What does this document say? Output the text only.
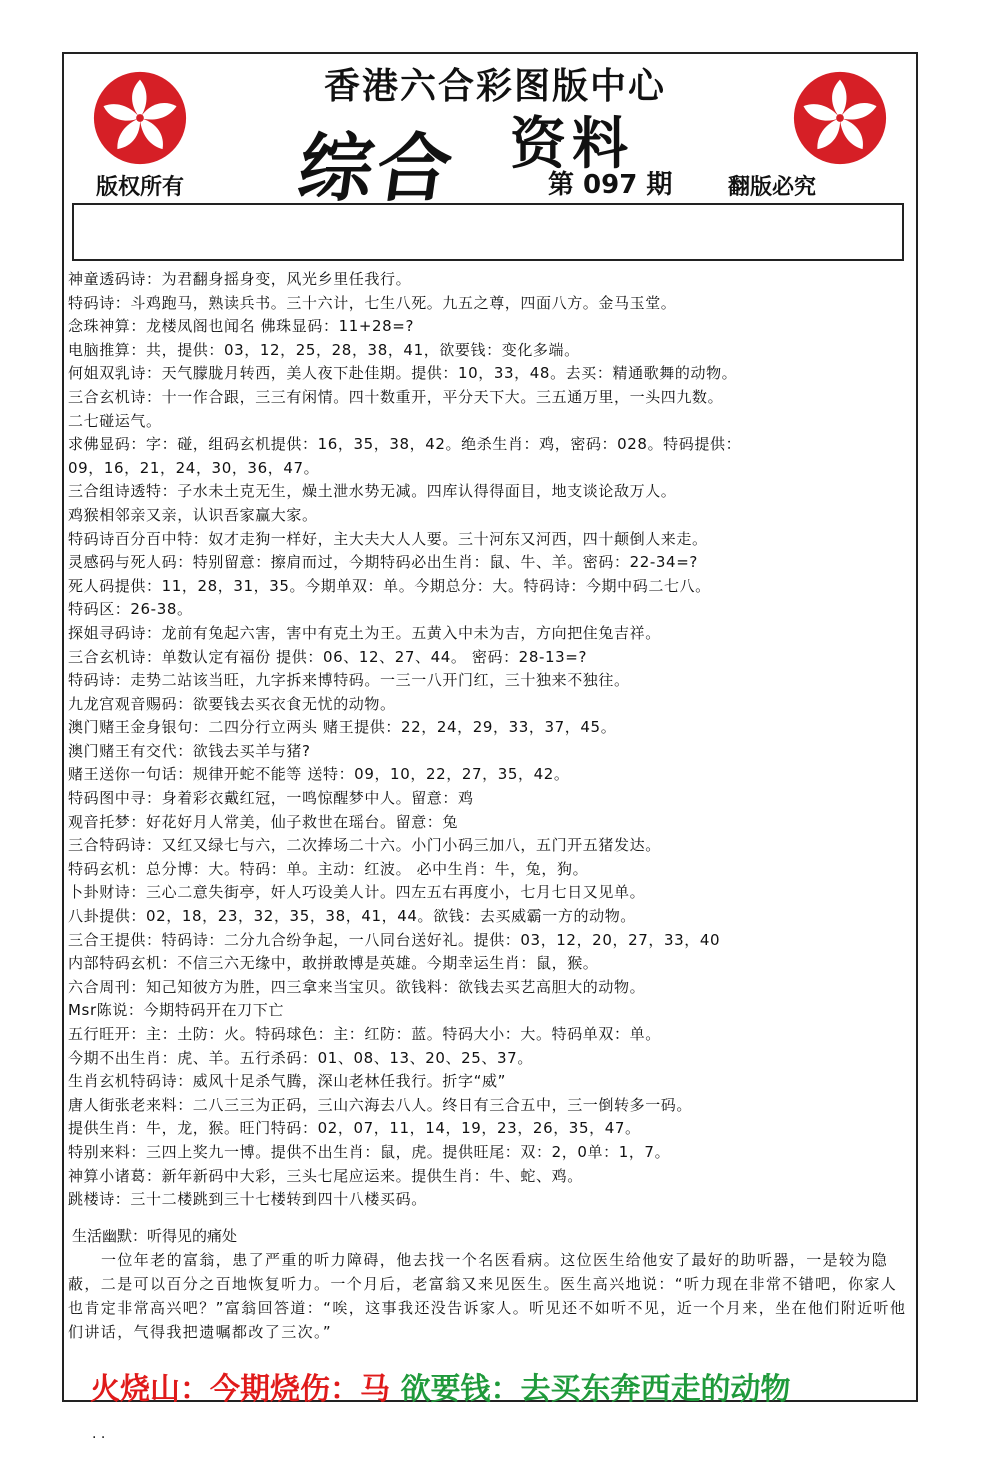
香港六合彩图版中心
综合 资料
第 097 期
版权所有	翻版必究
神童透码诗：为君翻身摇身变，风光乡里任我行。
特码诗：斗鸡跑马，熟读兵书。三十六计，七生八死。九五之尊，四面八方。金马玉堂。
念珠神算：龙楼凤阁也闻名 佛珠显码：11+28=?
电脑推算：共，提供：03，12，25，28，38，41，欲要钱：变化多端。
何姐双乳诗：天气朦胧月转西，美人夜下赴佳期。提供：10，33，48。去买：精通歌舞的动物。
三合玄机诗：十一作合跟，三三有闲情。四十数重开，平分天下大。三五通万里，一头四九数。
二七碰运气。
求佛显码：字：碰，组码玄机提供：16，35，38，42。绝杀生肖：鸡，密码：028。特码提供：
09，16，21，24，30，36，47。
三合组诗透特：子水未土克无生，燥土泄水势无减。四库认得得面目，地支谈论敌万人。
鸡猴相邻亲又亲，认识吾家赢大家。
特码诗百分百中特：奴才走狗一样好，主大夫大人人要。三十河东又河西，四十颠倒人来走。
灵感码与死人码：特别留意：擦肩而过，今期特码必出生肖：鼠、牛、羊。密码：22-34=?
死人码提供：11，28，31，35。今期单双：单。今期总分：大。特码诗：今期中码二七八。
特码区：26-38。
探姐寻码诗：龙前有兔起六害，害中有克土为王。五黄入中未为吉，方向把住兔吉祥。
三合玄机诗：单数认定有福份 提供：06、12、27、44。 密码：28-13=?
特码诗：走势二站该当旺，九字拆来博特码。一三一八开门红，三十独来不独往。
九龙宫观音赐码：欲要钱去买衣食无忧的动物。
澳门赌王金身银句：二四分行立两头 赌王提供：22，24，29，33，37，45。
澳门赌王有交代：欲钱去买羊与猪?
赌王送你一句话：规律开蛇不能等 送特：09，10，22，27，35，42。
特码图中寻：身着彩衣戴红冠，一鸣惊醒梦中人。留意：鸡
观音托梦：好花好月人常美，仙子救世在瑶台。留意：兔
三合特码诗：又红又绿七与六，二次捧场二十六。小门小码三加八，五门开五猪发达。
特码玄机：总分博：大。特码：单。主动：红波。 必中生肖：牛，兔，狗。
卜卦财诗：三心二意失街亭，奸人巧设美人计。四左五右再度小，七月七日又见单。
八卦提供：02，18，23，32，35，38，41，44。欲钱：去买威霸一方的动物。
三合王提供：特码诗：二分九合纷争起，一八同台送好礼。提供：03，12，20，27，33，40
内部特码玄机：不信三六无缘中，敢拼敢博是英雄。今期幸运生肖：鼠，猴。
六合周刊：知己知彼方为胜，四三拿来当宝贝。欲钱料：欲钱去买艺高胆大的动物。
Msr陈说：今期特码开在刀下亡
五行旺开：主：土防：火。特码球色：主：红防：蓝。特码大小：大。特码单双：单。
今期不出生肖：虎、羊。五行杀码：01、08、13、20、25、37。
生肖玄机特码诗：威风十足杀气腾，深山老林任我行。折字“威”
唐人街张老来料：二八三三为正码，三山六海去八人。终日有三合五中，三一倒转多一码。
提供生肖：牛，龙，猴。旺门特码：02，07，11，14，19，23，26，35，47。
特别来料：三四上奖九一博。提供不出生肖：鼠，虎。提供旺尾：双：2，0单：1，7。
神算小诸葛：新年新码中大彩，三头七尾应运来。提供生肖：牛、蛇、鸡。
跳楼诗：三十二楼跳到三十七楼转到四十八楼买码。
生活幽默：听得见的痛处
一位年老的富翁，患了严重的听力障碍，他去找一个名医看病。这位医生给他安了最好的助听器，一是较为隐蔽，二是可以百分之百地恢复听力。一个月后，老富翁又来见医生。医生高兴地说：“听力现在非常不错吧，你家人也肯定非常高兴吧？”富翁回答道：“唉，这事我还没告诉家人。听见还不如听不见，近一个月来，坐在他们附近听他们讲话，气得我把遗嘱都改了三次。”
火烧山：今期烧伤：马 欲要钱：去买东奔西走的动物
. .
